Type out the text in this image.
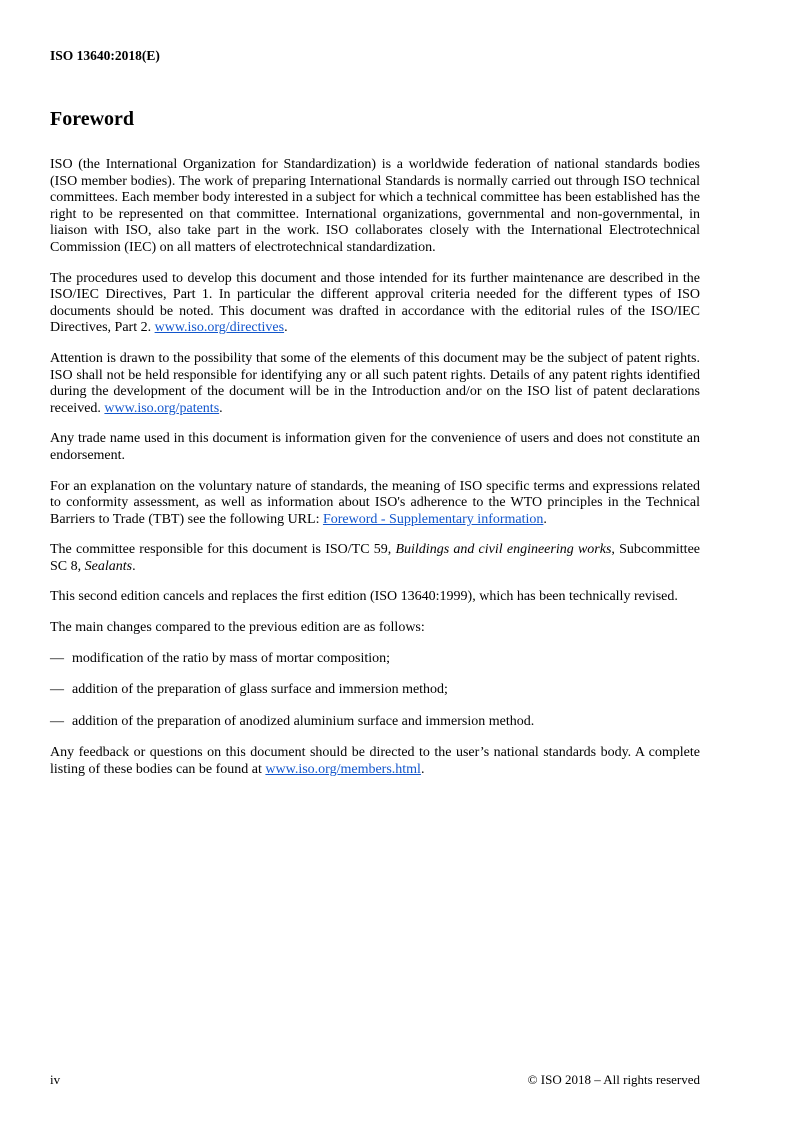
ISO 13640:2018(E)

Foreword

ISO (the International Organization for Standardization) is a worldwide federation of national standards bodies (ISO member bodies). The work of preparing International Standards is normally carried out through ISO technical committees. Each member body interested in a subject for which a technical committee has been established has the right to be represented on that committee. International organizations, governmental and non-governmental, in liaison with ISO, also take part in the work. ISO collaborates closely with the International Electrotechnical Commission (IEC) on all matters of electrotechnical standardization.

The procedures used to develop this document and those intended for its further maintenance are described in the ISO/IEC Directives, Part 1. In particular the different approval criteria needed for the different types of ISO documents should be noted. This document was drafted in accordance with the editorial rules of the ISO/IEC Directives, Part 2. www.iso.org/directives.

Attention is drawn to the possibility that some of the elements of this document may be the subject of patent rights. ISO shall not be held responsible for identifying any or all such patent rights. Details of any patent rights identified during the development of the document will be in the Introduction and/or on the ISO list of patent declarations received. www.iso.org/patents.

Any trade name used in this document is information given for the convenience of users and does not constitute an endorsement.

For an explanation on the voluntary nature of standards, the meaning of ISO specific terms and expressions related to conformity assessment, as well as information about ISO's adherence to the WTO principles in the Technical Barriers to Trade (TBT) see the following URL: Foreword - Supplementary information.

The committee responsible for this document is ISO/TC 59, Buildings and civil engineering works, Subcommittee SC 8, Sealants.

This second edition cancels and replaces the first edition (ISO 13640:1999), which has been technically revised.

The main changes compared to the previous edition are as follows:

— modification of the ratio by mass of mortar composition;
— addition of the preparation of glass surface and immersion method;
— addition of the preparation of anodized aluminium surface and immersion method.

Any feedback or questions on this document should be directed to the user’s national standards body. A complete listing of these bodies can be found at www.iso.org/members.html.

iv	© ISO 2018 – All rights reserved
